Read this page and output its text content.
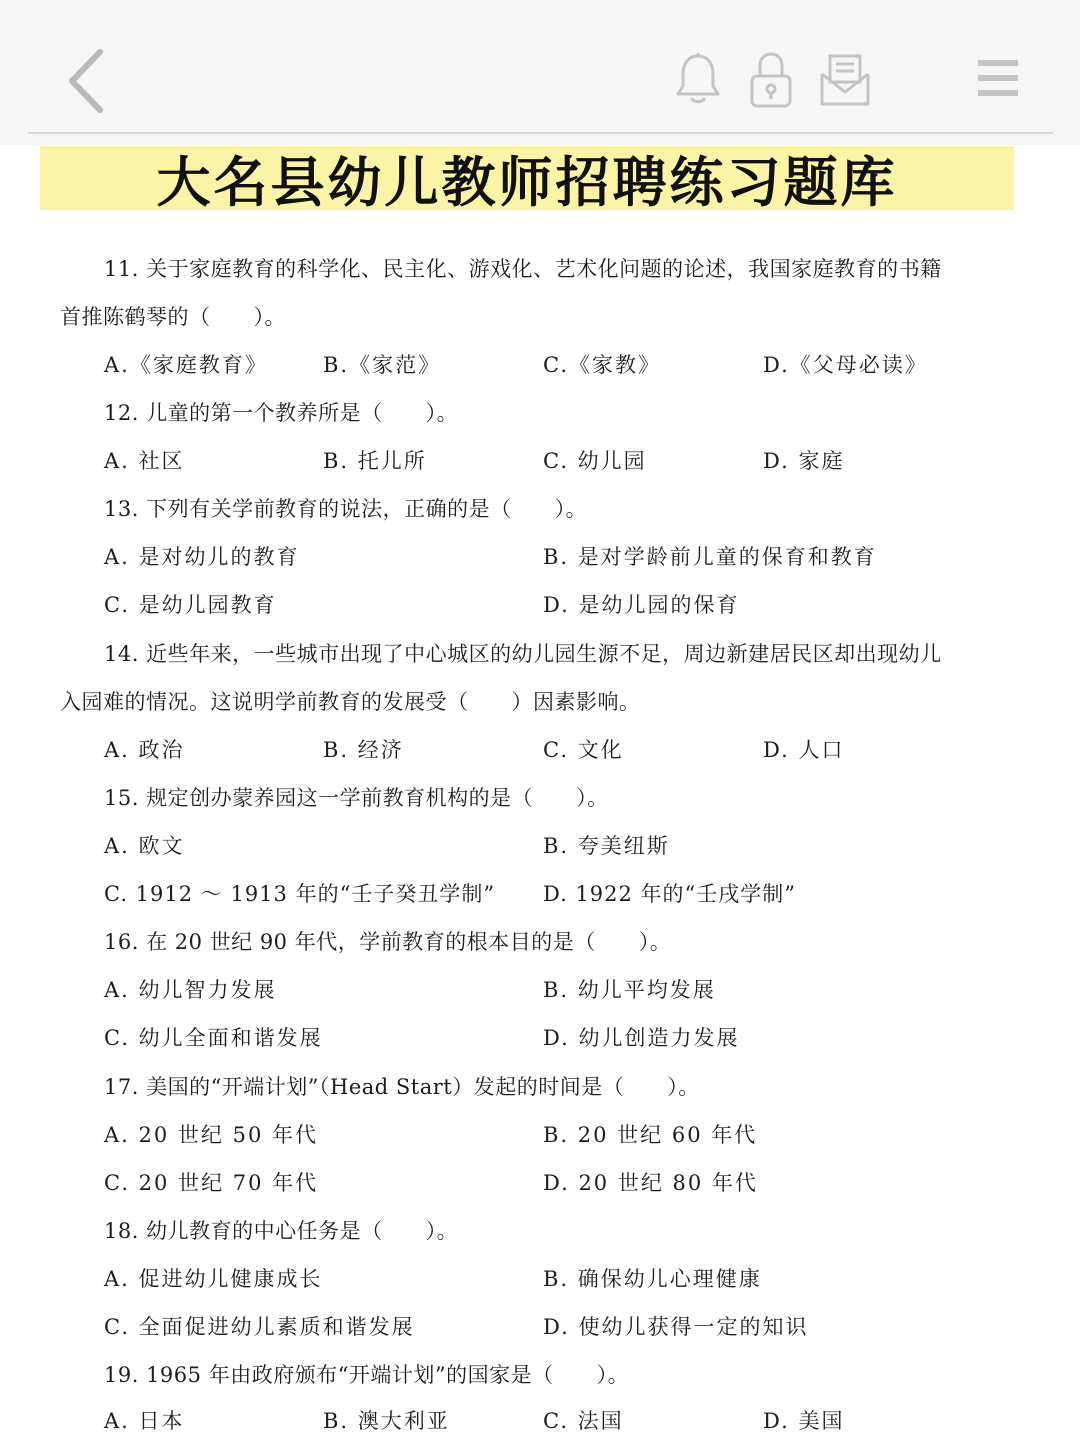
大名县幼儿教师招聘练习题库
11. 关于家庭教育的科学化、民主化、游戏化、艺术化问题的论述，我国家庭教育的书籍
首推陈鹤琴的（　　）。
A.《家庭教育》	B.《家范》	C.《家教》	D.《父母必读》
12. 儿童的第一个教养所是（　　）。
A. 社区	B. 托儿所	C. 幼儿园	D. 家庭
13. 下列有关学前教育的说法，正确的是（　　）。
A. 是对幼儿的教育	B. 是对学龄前儿童的保育和教育
C. 是幼儿园教育	D. 是幼儿园的保育
14. 近些年来，一些城市出现了中心城区的幼儿园生源不足，周边新建居民区却出现幼儿
入园难的情况。这说明学前教育的发展受（　　）因素影响。
A. 政治	B. 经济	C. 文化	D. 人口
15. 规定创办蒙养园这一学前教育机构的是（　　）。
A. 欧文	B. 夸美纽斯
C. 1912 ～ 1913 年的“壬子癸丑学制” D. 1922 年的“壬戌学制”
16. 在 20 世纪 90 年代，学前教育的根本目的是（　　）。
A. 幼儿智力发展	B. 幼儿平均发展
C. 幼儿全面和谐发展	D. 幼儿创造力发展
17. 美国的“开端计划”（Head Start）发起的时间是（　　）。
A. 20 世纪 50 年代	B. 20 世纪 60 年代
C. 20 世纪 70 年代	D. 20 世纪 80 年代
18. 幼儿教育的中心任务是（　　）。
A. 促进幼儿健康成长	B. 确保幼儿心理健康
C. 全面促进幼儿素质和谐发展	D. 使幼儿获得一定的知识
19. 1965 年由政府颁布“开端计划”的国家是（　　）。
A. 日本	B. 澳大利亚	C. 法国	D. 美国
